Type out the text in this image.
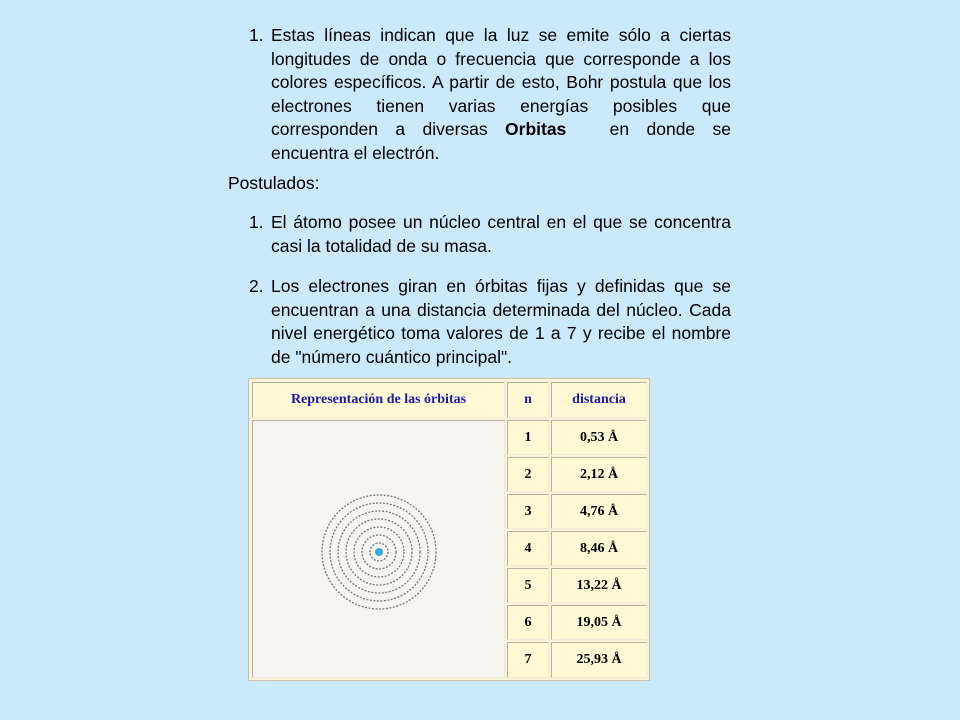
1. Estas líneas indican que la luz se emite sólo a ciertas longitudes de onda o frecuencia que corresponde a los colores específicos. A partir de esto, Bohr postula que los electrones tienen varias energías posibles que corresponden a diversas Orbitas en donde se encuentra el electrón.
Postulados:
1. El átomo posee un núcleo central en el que se concentra casi la totalidad de su masa.
2. Los electrones giran en órbitas fijas y definidas que se encuentran a una distancia determinada del núcleo. Cada nivel energético toma valores de 1 a 7 y recibe el nombre de "número cuántico principal".
Representación de las órbitas	n	distancia
1	0,53 Å
2	2,12 Å
3	4,76 Å
4	8,46 Å
5	13,22 Å
6	19,05 Å
7	25,93 Å
